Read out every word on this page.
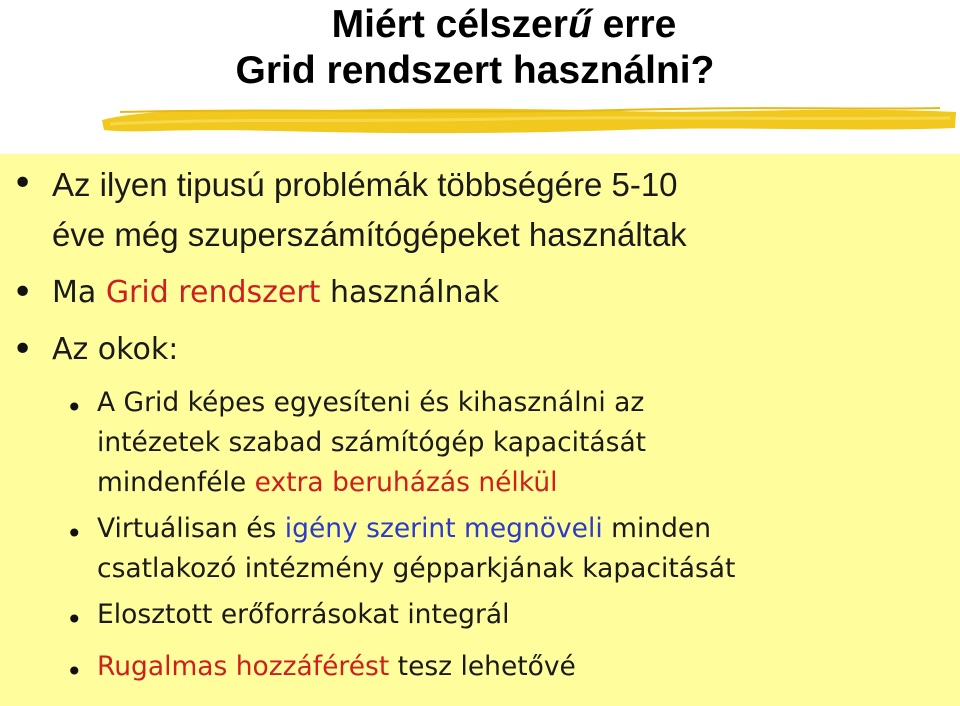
Miért célszerű erre
Grid rendszert használni?
• Az ilyen tipusú problémák többségére 5-10
éve még szuperszámítógépeket használtak
• Ma Grid rendszert használnak
• Az okok:
• A Grid képes egyesíteni és kihasználni az
intézetek szabad számítógép kapacitását
mindenféle extra beruházás nélkül
• Virtuálisan és igény szerint megnöveli minden
csatlakozó intézmény gépparkjának kapacitását
• Elosztott erőforrásokat integrál
• Rugalmas hozzáférést tesz lehetővé
